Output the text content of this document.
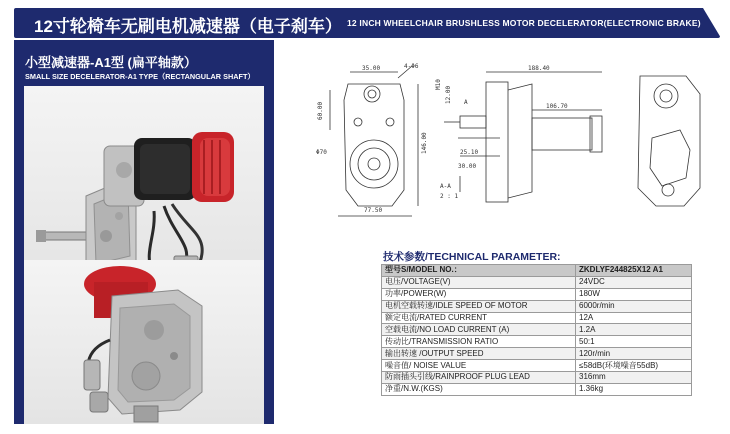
12寸轮椅车无刷电机减速器（电子刹车） 12 INCH WHEELCHAIR BRUSHLESS MOTOR DECELERATOR(ELECTRONIC BRAKE)
小型减速器-A1型 (扁平轴款）
SMALL SIZE DECELERATOR-A1 TYPE（RECTANGULAR SHAFT）
35.00	4-Φ6
60.00
146.00
Φ70
77.50
188.40
106.70
25.10
M10
12.00
30.00
A
A-A
2 : 1
技术参数/TECHNICAL PARAMETER:
型号S/MODEL NO.：	ZKDLYF244825X12 A1
电压/VOLTAGE(V)	24VDC
功率/POWER(W)	180W
电机空载转速/IDLE SPEED OF MOTOR	6000r/min
额定电流/RATED CURRENT	12A
空载电流/NO LOAD CURRENT (A)	1.2A
传动比/TRANSMISSION RATIO	50:1
输出转速 /OUTPUT SPEED	120r/min
噪音值/ NOISE VALUE	≤58dB(环境噪音55dB)
防雨插头引线/RAINPROOF PLUG LEAD	316mm
净重/N.W.(KGS)	1.36kg
